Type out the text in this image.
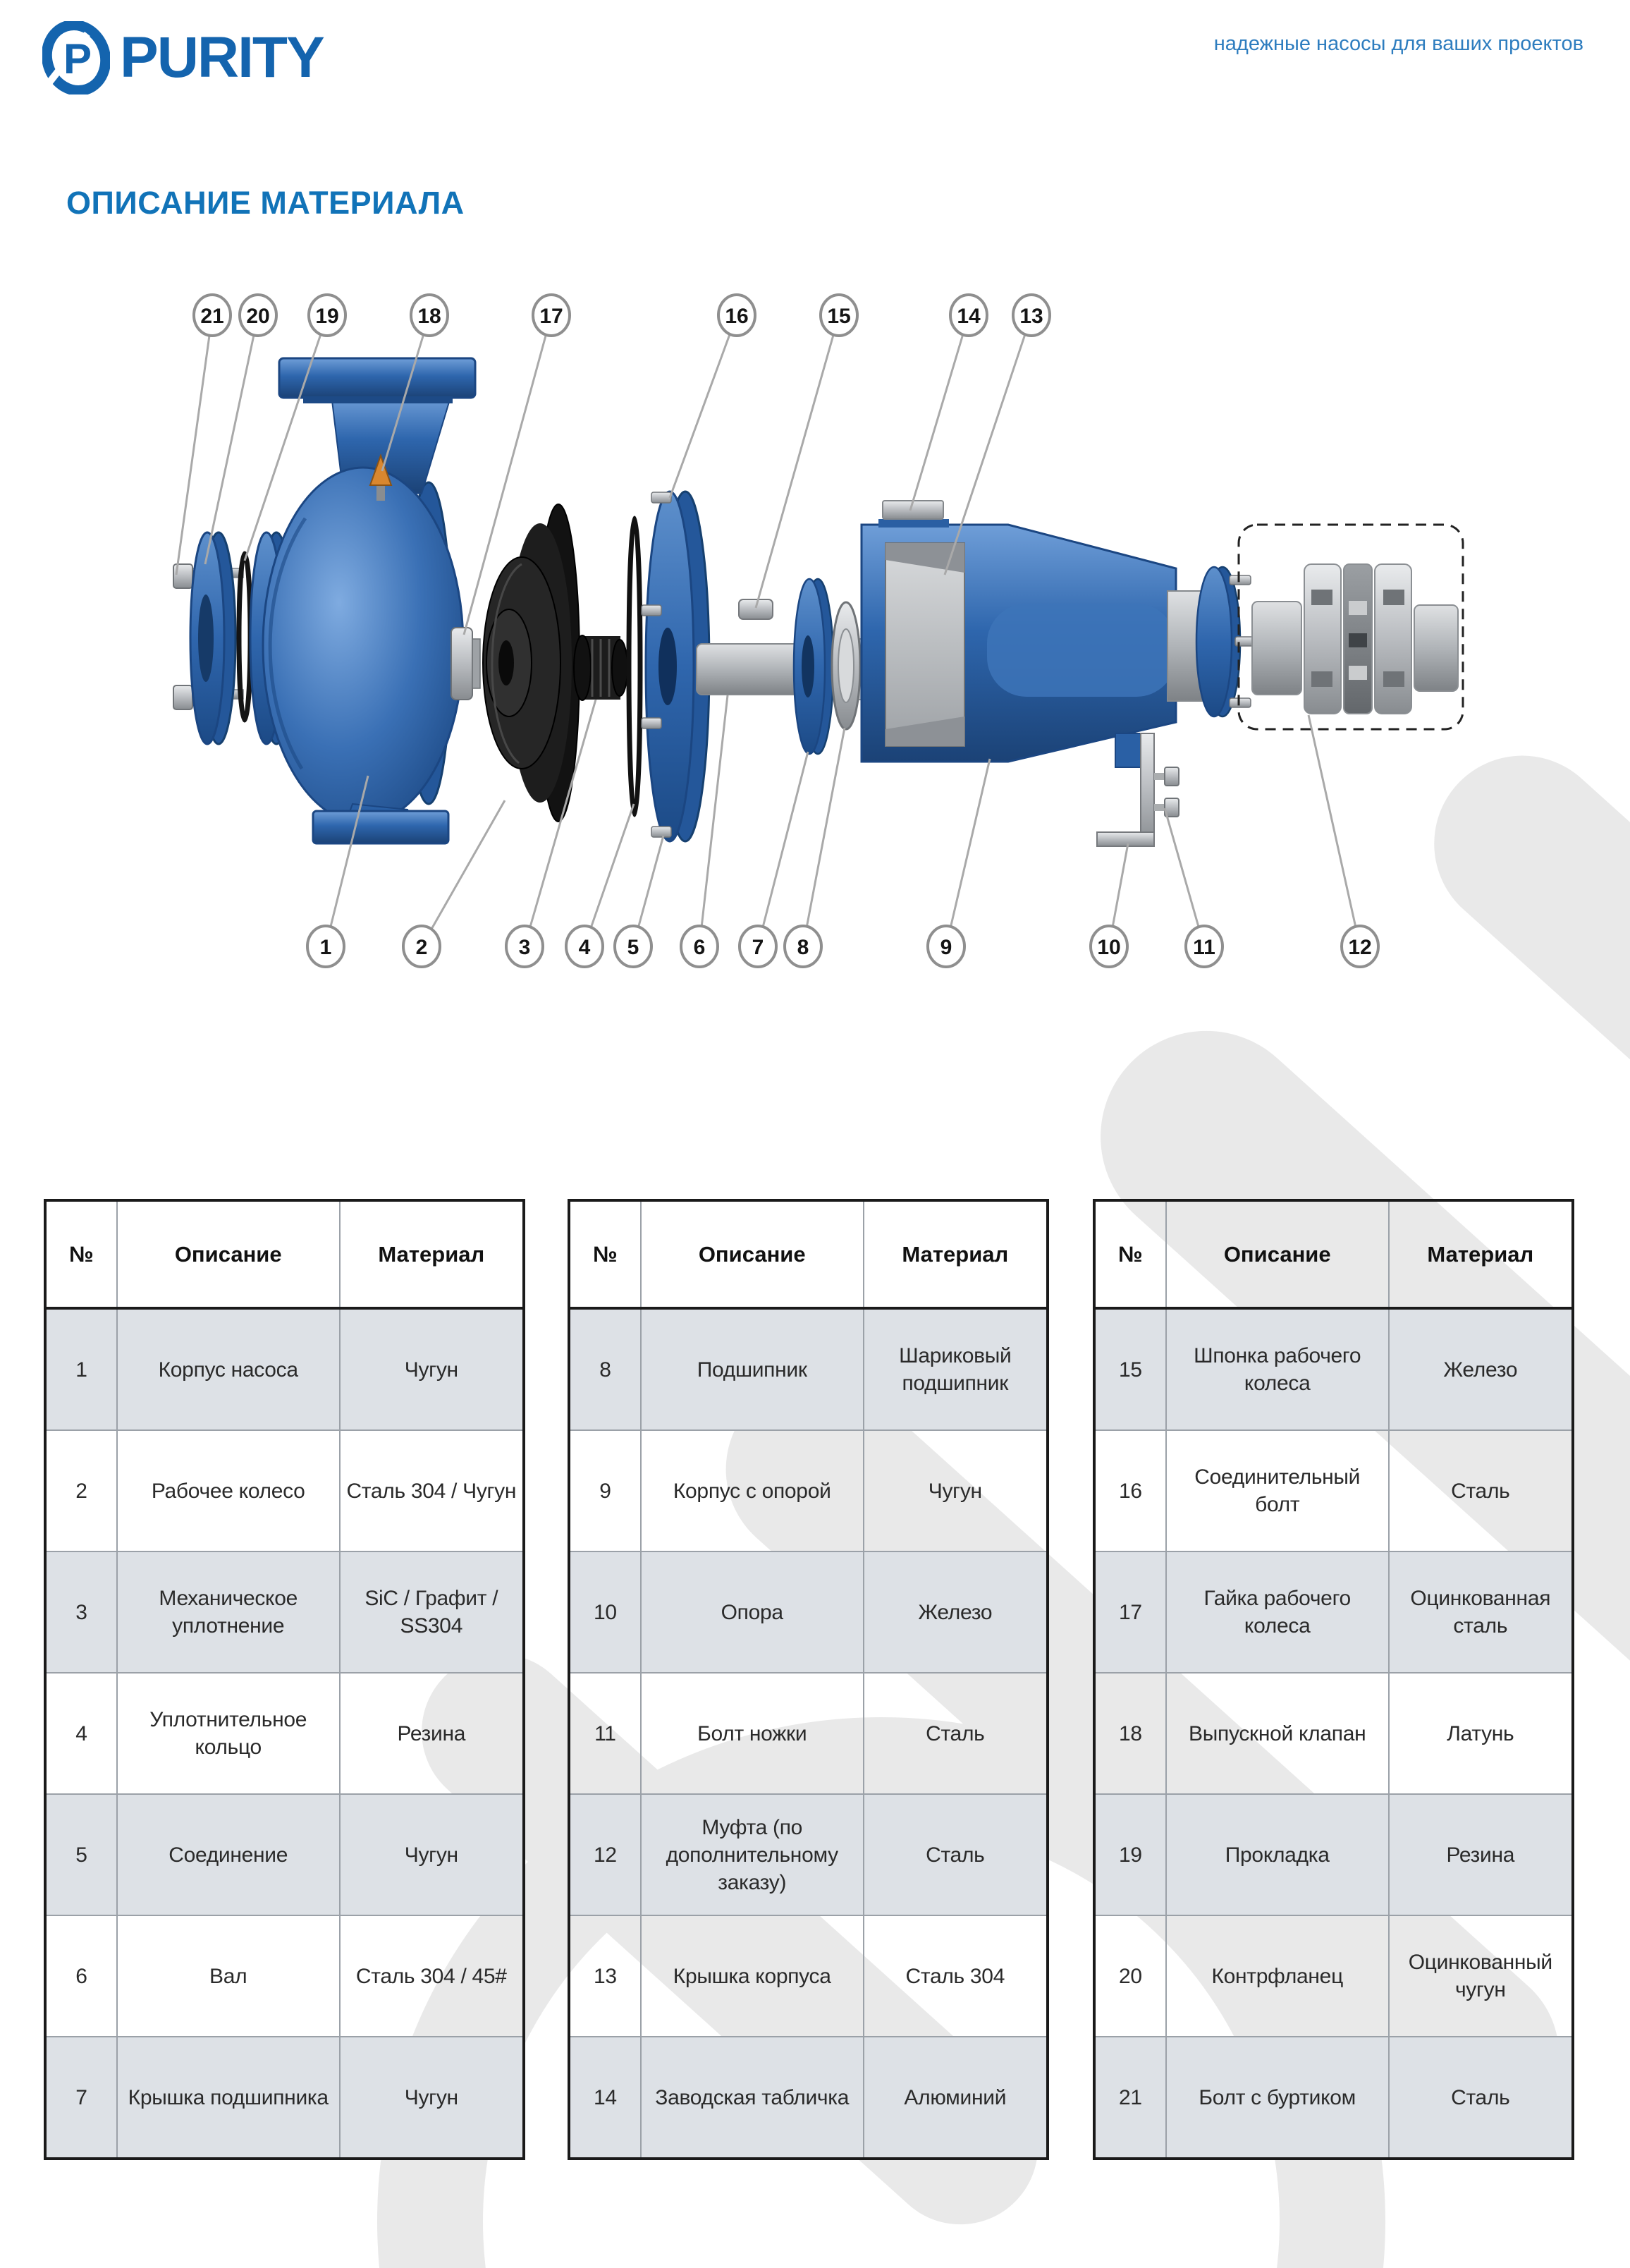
P PURITY	надежные насосы для ваших проектов
ОПИСАНИЕ МАТЕРИАЛА
21 20 19	18	17	16	15	14 13
1	2	3 4 5	6 7 8	9	10	11	12
№	Описание	Материал
1	Корпус насоса	Чугун
2	Рабочее колесо	Сталь 304 / Чугун
3	Механическое уплотнение	SiC / Графит / SS304
4	Уплотнительное кольцо	Резина
5	Соединение	Чугун
6	Вал	Сталь 304 / 45#
7	Крышка подшипника	Чугун
№	Описание	Материал
8	Подшипник	Шариковый подшипник
9	Корпус с опорой	Чугун
10	Опора	Железо
11	Болт ножки	Сталь
12	Муфта (по дополнительному заказу)	Сталь
13	Крышка корпуса	Сталь 304
14	Заводская табличка	Алюминий
№	Описание	Материал
15	Шпонка рабочего колеса	Железо
16	Соединительный болт	Сталь
17	Гайка рабочего колеса	Оцинкованная сталь
18	Выпускной клапан	Латунь
19	Прокладка	Резина
20	Контрфланец	Оцинкованный чугун
21	Болт с буртиком	Сталь
